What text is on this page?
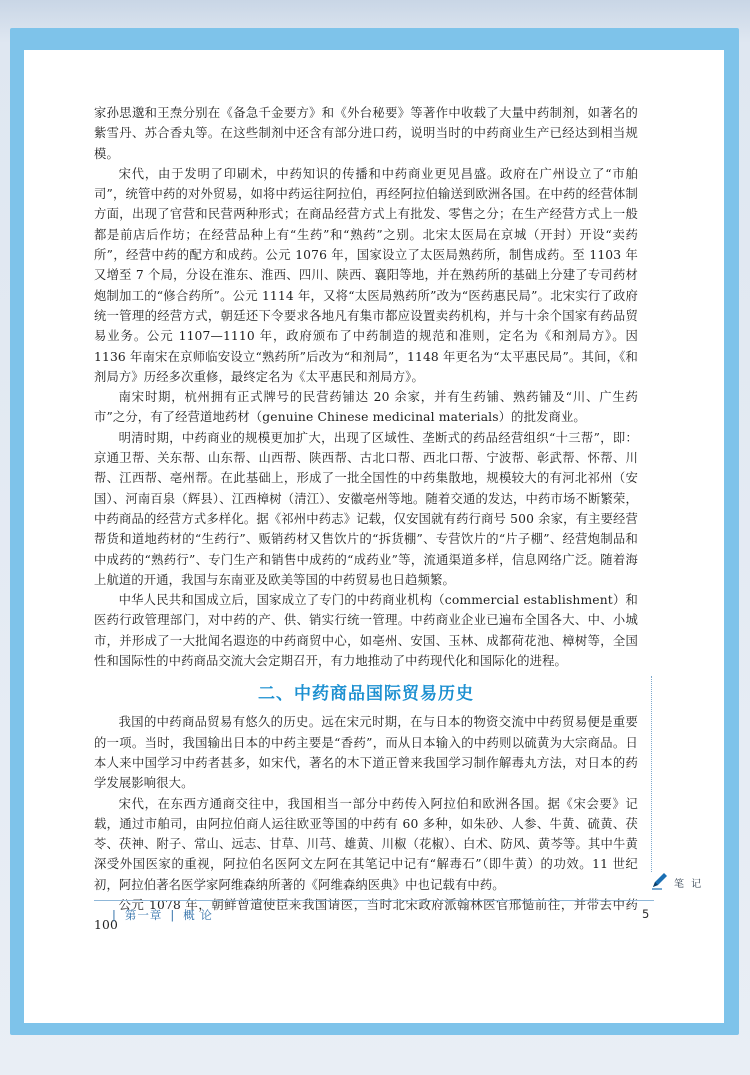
家孙思邈和王焘分别在《备急千金要方》和《外台秘要》等著作中收载了大量中药制剂，如著名的紫雪丹、苏合香丸等。在这些制剂中还含有部分进口药，说明当时的中药商业生产已经达到相当规模。

宋代，由于发明了印刷术，中药知识的传播和中药商业更见昌盛。政府在广州设立了“市舶司”，统管中药的对外贸易，如将中药运往阿拉伯，再经阿拉伯输送到欧洲各国。在中药的经营体制方面，出现了官营和民营两种形式；在商品经营方式上有批发、零售之分；在生产经营方式上一般都是前店后作坊；在经营品种上有“生药”和“熟药”之别。北宋太医局在京城（开封）开设“卖药所”，经营中药的配方和成药。公元 1076 年，国家设立了太医局熟药所，制售成药。至 1103 年又增至 7 个局，分设在淮东、淮西、四川、陕西、襄阳等地，并在熟药所的基础上分建了专司药材炮制加工的“修合药所”。公元 1114 年，又将“太医局熟药所”改为“医药惠民局”。北宋实行了政府统一管理的经营方式，朝廷还下令要求各地凡有集市都应设置卖药机构，并与十余个国家有药品贸易业务。公元 1107—1110 年，政府颁布了中药制造的规范和准则，定名为《和剂局方》。因 1136 年南宋在京师临安设立“熟药所”后改为“和剂局”，1148 年更名为“太平惠民局”。其间，《和剂局方》历经多次重修，最终定名为《太平惠民和剂局方》。

南宋时期，杭州拥有正式牌号的民营药铺达 20 余家，并有生药铺、熟药铺及“川、广生药市”之分，有了经营道地药材（genuine Chinese medicinal materials）的批发商业。

明清时期，中药商业的规模更加扩大，出现了区域性、垄断式的药品经营组织“十三帮”，即：京通卫帮、关东帮、山东帮、山西帮、陕西帮、古北口帮、西北口帮、宁波帮、彰武帮、怀帮、川帮、江西帮、亳州帮。在此基础上，形成了一批全国性的中药集散地，规模较大的有河北祁州（安国）、河南百泉（辉县）、江西樟树（清江）、安徽亳州等地。随着交通的发达，中药市场不断繁荣，中药商品的经营方式多样化。据《祁州中药志》记载，仅安国就有药行商号 500 余家，有主要经营帮货和道地药材的“生药行”、贩销药材又售饮片的“拆货棚”、专营饮片的“片子棚”、经营炮制品和中成药的“熟药行”、专门生产和销售中成药的“成药业”等，流通渠道多样，信息网络广泛。随着海上航道的开通，我国与东南亚及欧美等国的中药贸易也日趋频繁。

中华人民共和国成立后，国家成立了专门的中药商业机构（commercial establishment）和医药行政管理部门，对中药的产、供、销实行统一管理。中药商业企业已遍布全国各大、中、小城市，并形成了一大批闻名遐迩的中药商贸中心，如亳州、安国、玉林、成都荷花池、樟树等，全国性和国际性的中药商品交流大会定期召开，有力地推动了中药现代化和国际化的进程。

二、中药商品国际贸易历史

我国的中药商品贸易有悠久的历史。远在宋元时期，在与日本的物资交流中中药贸易便是重要的一项。当时，我国输出日本的中药主要是“香药”，而从日本输入的中药则以硫黄为大宗商品。日本人来中国学习中药者甚多，如宋代，著名的木下道正曾来我国学习制作解毒丸方法，对日本的药学发展影响很大。

宋代，在东西方通商交往中，我国相当一部分中药传入阿拉伯和欧洲各国。据《宋会要》记载，通过市舶司，由阿拉伯商人运往欧亚等国的中药有 60 多种，如朱砂、人参、牛黄、硫黄、茯苓、茯神、附子、常山、远志、甘草、川芎、雄黄、川椒（花椒）、白术、防风、黄芩等。其中牛黄深受外国医家的重视，阿拉伯名医阿文左阿在其笔记中记有“解毒石”（即牛黄）的功效。11 世纪初，阿拉伯著名医学家阿维森纳所著的《阿维森纳医典》中也记载有中药。

公元 1078 年，朝鲜曾遣使臣来我国请医，当时北宋政府派翰林医官邢慥前往，并带去中药 100

笔 记
| 第一章 | 概 论	5
